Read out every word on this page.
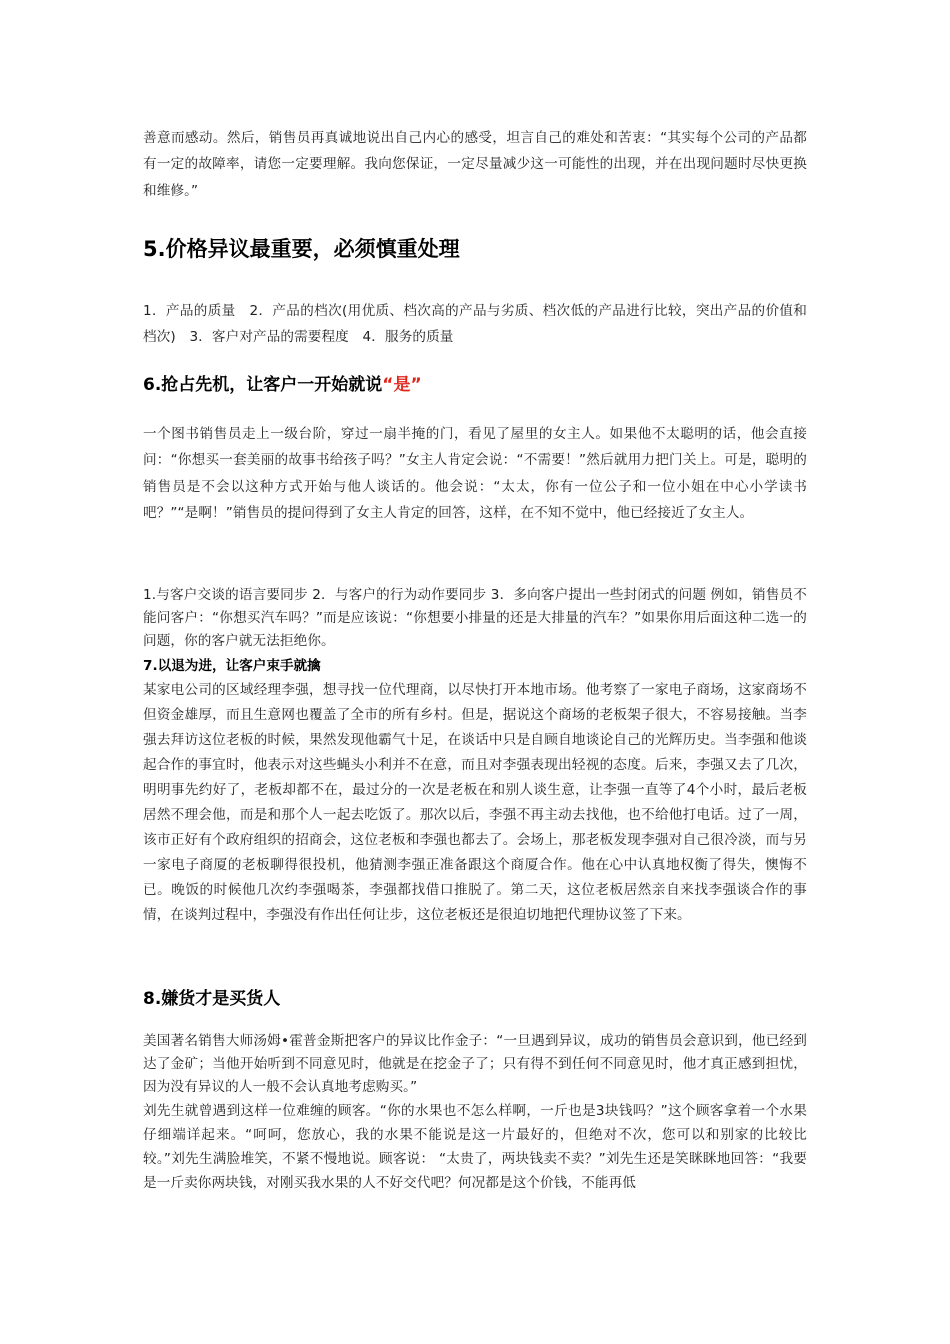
善意而感动。然后，销售员再真诚地说出自己内心的感受，坦言自己的难处和苦衷：“其实每个公司的产品都有一定的故障率，请您一定要理解。我向您保证，一定尽量减少这一可能性的出现，并在出现问题时尽快更换和维修。”

5.价格异议最重要，必须慎重处理

1．产品的质量　2．产品的档次(用优质、档次高的产品与劣质、档次低的产品进行比较，突出产品的价值和档次)　3．客户对产品的需要程度　4．服务的质量

6.抢占先机，让客户一开始就说“是”

一个图书销售员走上一级台阶，穿过一扇半掩的门，看见了屋里的女主人。如果他不太聪明的话，他会直接问：“你想买一套美丽的故事书给孩子吗？”女主人肯定会说：“不需要！”然后就用力把门关上。可是，聪明的销售员是不会以这种方式开始与他人谈话的。他会说：“太太，你有一位公子和一位小姐在中心小学读书吧？”“是啊！”销售员的提问得到了女主人肯定的回答，这样，在不知不觉中，他已经接近了女主人。

1.与客户交谈的语言要同步 2．与客户的行为动作要同步 3．多向客户提出一些封闭式的问题 例如，销售员不能问客户：“你想买汽车吗？”而是应该说：“你想要小排量的还是大排量的汽车？”如果你用后面这种二选一的问题，你的客户就无法拒绝你。

7.以退为进，让客户束手就擒

某家电公司的区域经理李强，想寻找一位代理商，以尽快打开本地市场。他考察了一家电子商场，这家商场不但资金雄厚，而且生意网也覆盖了全市的所有乡村。但是，据说这个商场的老板架子很大，不容易接触。当李强去拜访这位老板的时候，果然发现他霸气十足，在谈话中只是自顾自地谈论自己的光辉历史。当李强和他谈起合作的事宜时，他表示对这些蝇头小利并不在意，而且对李强表现出轻视的态度。后来，李强又去了几次，明明事先约好了，老板却都不在，最过分的一次是老板在和别人谈生意，让李强一直等了4个小时，最后老板居然不理会他，而是和那个人一起去吃饭了。那次以后，李强不再主动去找他，也不给他打电话。过了一周，该市正好有个政府组织的招商会，这位老板和李强也都去了。会场上，那老板发现李强对自己很冷淡，而与另一家电子商厦的老板聊得很投机，他猜测李强正准备跟这个商厦合作。他在心中认真地权衡了得失，懊悔不已。晚饭的时候他几次约李强喝茶，李强都找借口推脱了。第二天，这位老板居然亲自来找李强谈合作的事情，在谈判过程中，李强没有作出任何让步，这位老板还是很迫切地把代理协议签了下来。

8.嫌货才是买货人

美国著名销售大师汤姆•霍普金斯把客户的异议比作金子：“一旦遇到异议，成功的销售员会意识到，他已经到达了金矿；当他开始听到不同意见时，他就是在挖金子了；只有得不到任何不同意见时，他才真正感到担忧，因为没有异议的人一般不会认真地考虑购买。”

刘先生就曾遇到这样一位难缠的顾客。“你的水果也不怎么样啊，一斤也是3块钱吗？”这个顾客拿着一个水果仔细端详起来。“呵呵，您放心，我的水果不能说是这一片最好的，但绝对不次，您可以和别家的比较比较。”刘先生满脸堆笑，不紧不慢地说。顾客说： “太贵了，两块钱卖不卖？”刘先生还是笑眯眯地回答：“我要是一斤卖你两块钱，对刚买我水果的人不好交代吧？何况都是这个价钱，不能再低
